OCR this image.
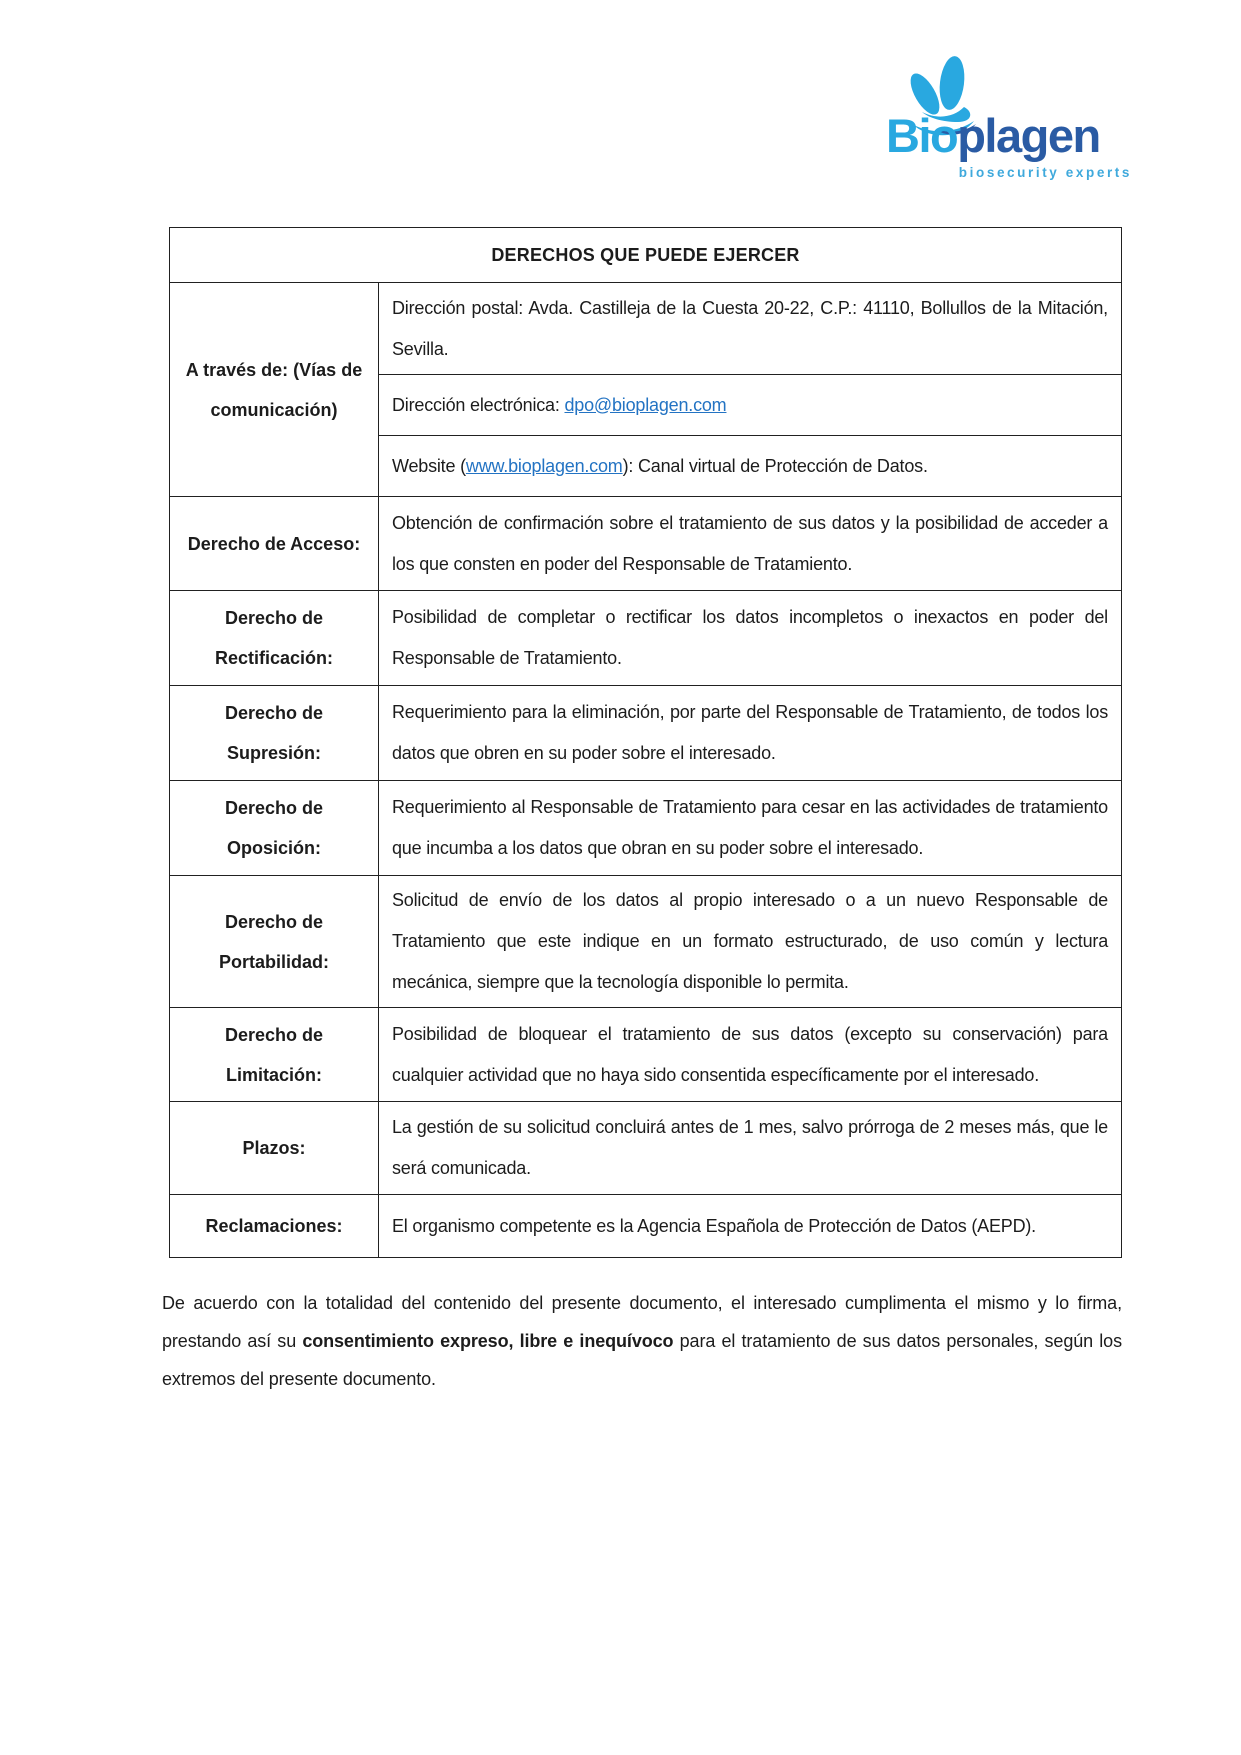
Bioplagen
biosecurity experts
DERECHOS QUE PUEDE EJERCER	
A través de: (Vías de comunicación)	Dirección postal: Avda. Castilleja de la Cuesta 20-22, C.P.: 41110, Bollullos de la Mitación, Sevilla.
	Dirección electrónica: dpo@bioplagen.com
	Website (www.bioplagen.com): Canal virtual de Protección de Datos.
Derecho de Acceso:	Obtención de confirmación sobre el tratamiento de sus datos y la posibilidad de acceder a los que consten en poder del Responsable de Tratamiento.
Derecho de Rectificación:	Posibilidad de completar o rectificar los datos incompletos o inexactos en poder del Responsable de Tratamiento.
Derecho de Supresión:	Requerimiento para la eliminación, por parte del Responsable de Tratamiento, de todos los datos que obren en su poder sobre el interesado.
Derecho de Oposición:	Requerimiento al Responsable de Tratamiento para cesar en las actividades de tratamiento que incumba a los datos que obran en su poder sobre el interesado.
Derecho de Portabilidad:	Solicitud de envío de los datos al propio interesado o a un nuevo Responsable de Tratamiento que este indique en un formato estructurado, de uso común y lectura mecánica, siempre que la tecnología disponible lo permita.
Derecho de Limitación:	Posibilidad de bloquear el tratamiento de sus datos (excepto su conservación) para cualquier actividad que no haya sido consentida específicamente por el interesado.
Plazos:	La gestión de su solicitud concluirá antes de 1 mes, salvo prórroga de 2 meses más, que le será comunicada.
Reclamaciones:	El organismo competente es la Agencia Española de Protección de Datos (AEPD).

De acuerdo con la totalidad del contenido del presente documento, el interesado cumplimenta el mismo y lo firma, prestando así su consentimiento expreso, libre e inequívoco para el tratamiento de sus datos personales, según los extremos del presente documento.
